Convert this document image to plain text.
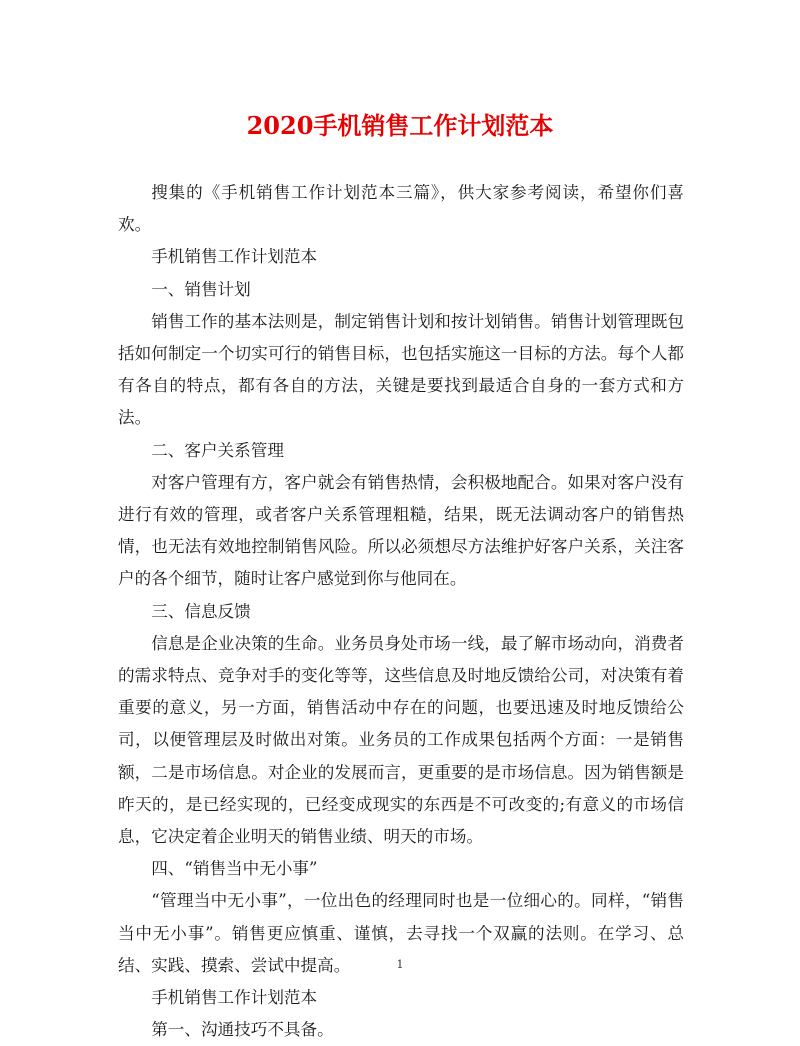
2020手机销售工作计划范本

搜集的《手机销售工作计划范本三篇》，供大家参考阅读，希望你们喜欢。

手机销售工作计划范本

一、销售计划

销售工作的基本法则是，制定销售计划和按计划销售。销售计划管理既包括如何制定一个切实可行的销售目标，也包括实施这一目标的方法。每个人都有各自的特点，都有各自的方法，关键是要找到最适合自身的一套方式和方法。

二、客户关系管理

对客户管理有方，客户就会有销售热情，会积极地配合。如果对客户没有进行有效的管理，或者客户关系管理粗糙，结果，既无法调动客户的销售热情，也无法有效地控制销售风险。所以必须想尽方法维护好客户关系，关注客户的各个细节，随时让客户感觉到你与他同在。

三、信息反馈

信息是企业决策的生命。业务员身处市场一线，最了解市场动向，消费者的需求特点、竞争对手的变化等等，这些信息及时地反馈给公司，对决策有着重要的意义，另一方面，销售活动中存在的问题，也要迅速及时地反馈给公司，以便管理层及时做出对策。业务员的工作成果包括两个方面：一是销售额，二是市场信息。对企业的发展而言，更重要的是市场信息。因为销售额是昨天的，是已经实现的，已经变成现实的东西是不可改变的;有意义的市场信息，它决定着企业明天的销售业绩、明天的市场。

四、“销售当中无小事”

“管理当中无小事”，一位出色的经理同时也是一位细心的。同样，“销售当中无小事”。销售更应慎重、谨慎，去寻找一个双赢的法则。在学习、总结、实践、摸索、尝试中提高。

手机销售工作计划范本

第一、沟通技巧不具备。

1
